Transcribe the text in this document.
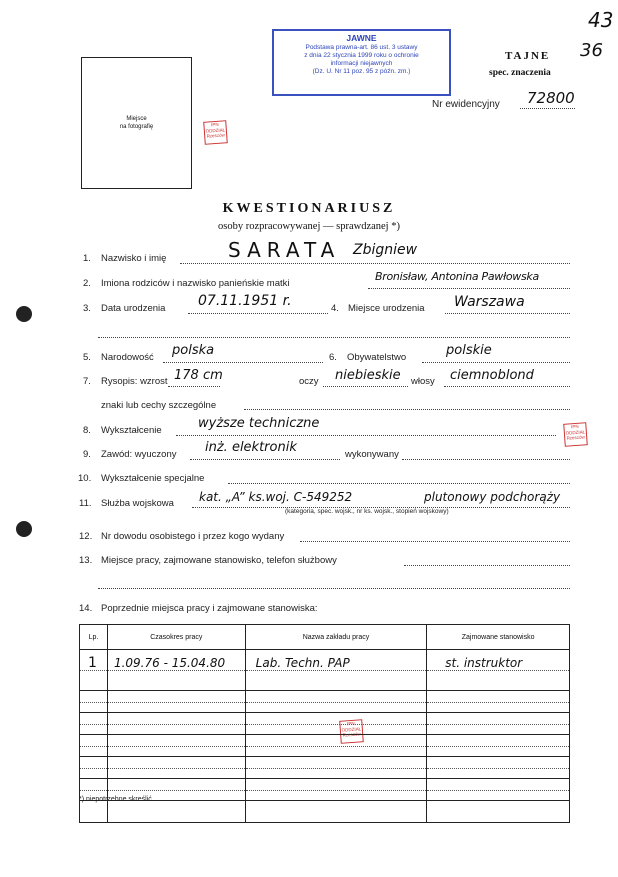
43
36
JAWNE
Podstawa prawna-art. 86 ust. 3 ustawy
z dnia 22 stycznia 1999 roku o ochronie
informacji niejawnych
(Dz. U. Nr 11 poz. 95 z późn. zm.)
TAJNE
spec. znaczenia
Nr ewidencyjny 72800
Miejsce
na fotografię	IPN
ODDZIAŁ
Rzeszów
IPN
ODDZIAŁ
Rzeszów
IPN
ODDZIAŁ
Rzeszów
KWESTIONARIUSZ
osoby rozpracowywanej — sprawdzanej *)
1. Nazwisko i imię	SARATA Zbigniew
2. Imiona rodziców i nazwisko panieńskie matki
Bronisław, Antonina Pawłowska
3. Data urodzenia 07.11.1951 r.	4. Miejsce urodzenia Warszawa
5. Narodowość polska	6. Obywatelstwo	polskie
7. Rysopis: wzrost 178 cm	oczy niebieskie włosy ciemnoblond
znaki lub cechy szczególne
8. Wykształcenie	wyższe techniczne
9. Zawód: wyuczony inż. elektronik	wykonywany
10. Wykształcenie specjalne
11. Służba wojskowa kat. „A” ks.woj. C-549252	plutonowy podchorąży
(kategoria, spec. wojsk., nr ks. wojsk., stopień wojskowy)
12. Nr dowodu osobistego i przez kogo wydany
13. Miejsce pracy, zajmowane stanowisko, telefon służbowy
14. Poprzednie miejsca pracy i zajmowane stanowiska:
Lp.	Czasokres pracy	Nazwa zakładu pracy	Zajmowane stanowisko

1	1.09.76 - 15.04.80	Lab. Techn. PAP	st. instruktor

*) niepotrzebne skreślić
